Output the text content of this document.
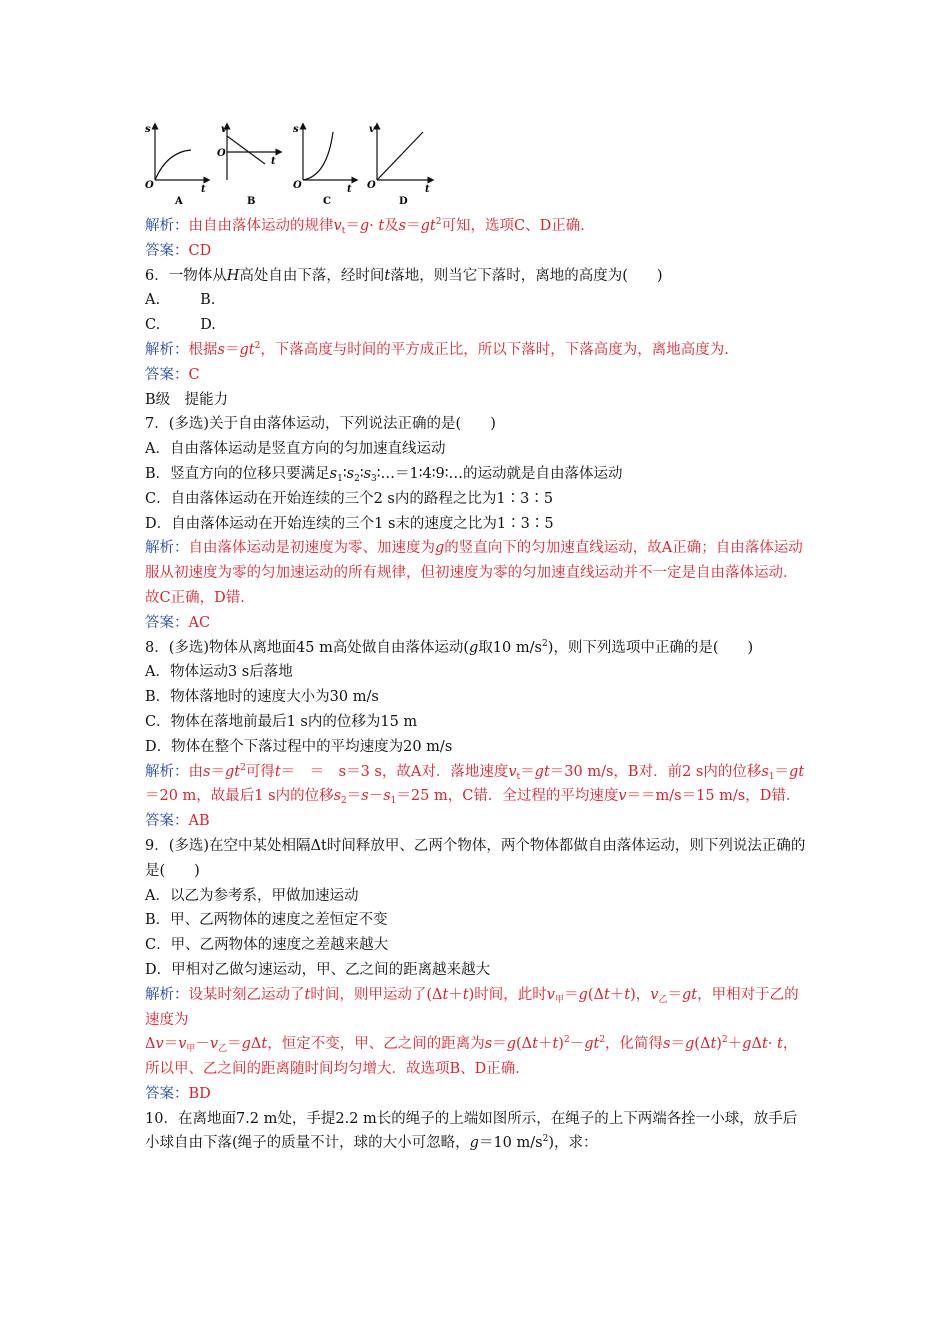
s
t
O
A
v
t
O
B
s
t
O
C
v
t
O
D
解析：由自由落体运动的规律$v_t=g\cdot t$及$s=gt^2$可知，选项C、D正确．
答案：CD
6．一物体从H高处自由下落，经时间t落地，则当它下落时，离地的高度为(　　)
A.	B.
C.	D.
解析：根据$s=gt^2$，下落高度与时间的平方成正比，所以下落时，下落高度为，离地高度为.
答案：C
B级　提能力
7．(多选)关于自由落体运动，下列说法正确的是(　　)
A．自由落体运动是竖直方向的匀加速直线运动
B．竖直方向的位移只要满足$s_1∶s_2∶s_3∶\dots=1∶4∶9∶\dots$的运动就是自由落体运动
C．自由落体运动在开始连续的三个2 s内的路程之比为1∶3∶5
D．自由落体运动在开始连续的三个1 s末的速度之比为1∶3∶5
解析：自由落体运动是初速度为零、加速度为g的竖直向下的匀加速直线运动，故A正确；自由落体运动服从初速度为零的匀加速运动的所有规律，但初速度为零的匀加速直线运动并不一定是自由落体运动．故C正确，D错．
答案：AC
8．(多选)物体从离地面45 m高处做自由落体运动(g取10 $m/s^2$)，则下列选项中正确的是(　　)
A．物体运动3 s后落地
B．物体落地时的速度大小为30 m/s
C．物体在落地前最后1 s内的位移为15 m
D．物体在整个下落过程中的平均速度为20 m/s
解析：由$s=gt^2$可得t＝　＝　s＝3 s，故A对．落地速度$v_t=gt=30$ m/s，B对．前2 s内的位移$s_1=gt=20$ m，故最后1 s内的位移$s_2=s-s_1=25$ m，C错．全过程的平均速度v＝＝m/s＝15 m/s，D错．
答案：AB
9．(多选)在空中某处相隔Δt时间释放甲、乙两个物体，两个物体都做自由落体运动，则下列说法正确的是(　　)
A．以乙为参考系，甲做加速运动
B．甲、乙两物体的速度之差恒定不变
C．甲、乙两物体的速度之差越来越大
D．甲相对乙做匀速运动，甲、乙之间的距离越来越大
解析：设某时刻乙运动了t时间，则甲运动了(Δt＋t)时间，此时$v_甲=g(\Delta t+t)$，$v_乙=gt$，甲相对于乙的速度为
$\Delta v=v_甲-v_乙=g\Delta t$，恒定不变，甲、乙之间的距离为$s=g(\Delta t+t)^2-gt^2$，化简得$s=g(\Delta t)^2+g\Delta t\cdot t$，所以甲、乙之间的距离随时间均匀增大．故选项B、D正确．
答案：BD
10．在离地面7.2 m处，手提2.2 m长的绳子的上端如图所示，在绳子的上下两端各拴一小球，放手后小球自由下落(绳子的质量不计，球的大小可忽略，g＝10 $m/s^2$)，求：
